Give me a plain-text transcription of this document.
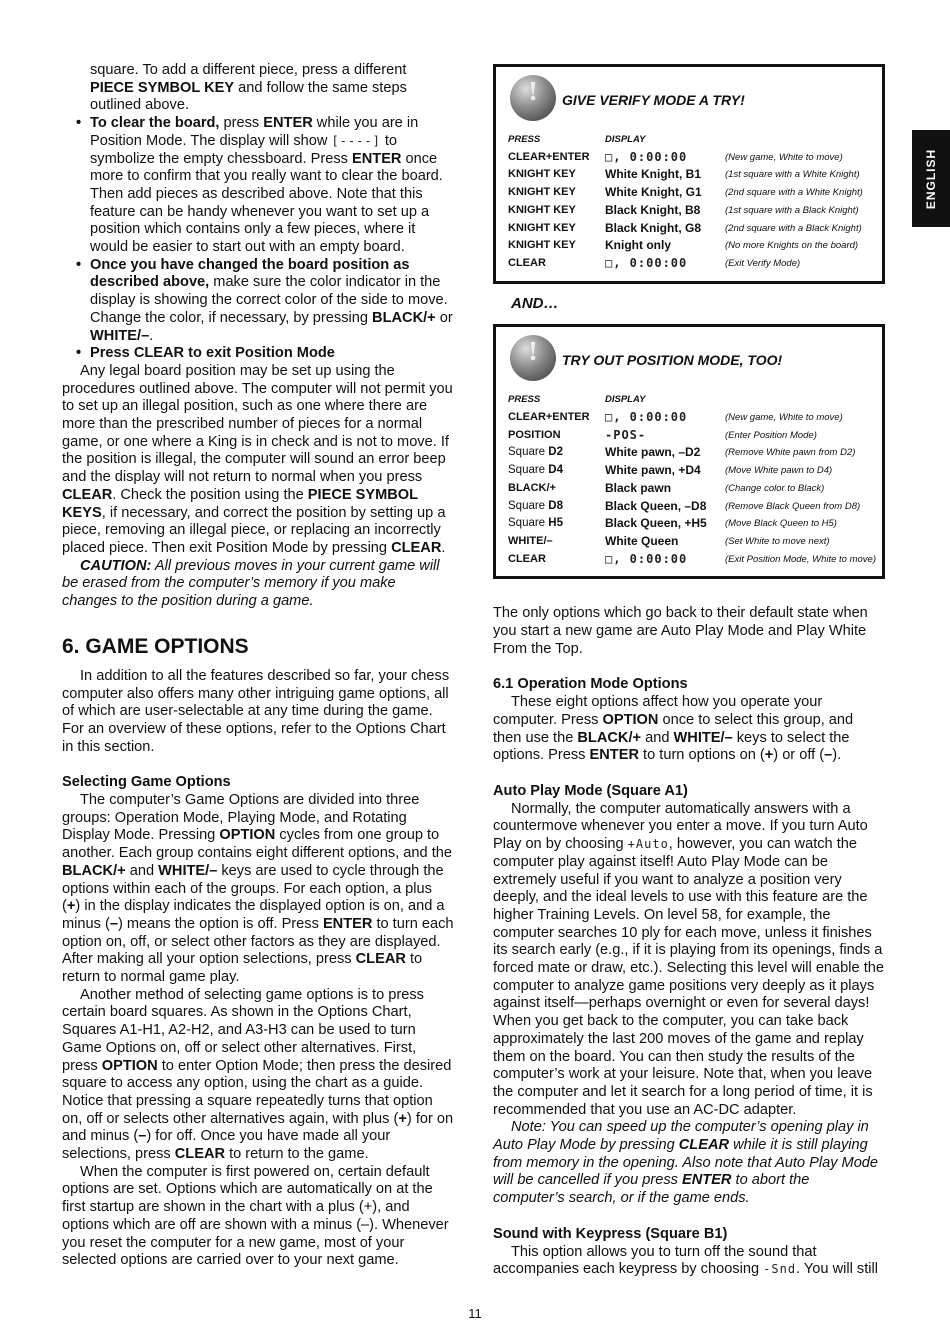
ENGLISH

square. To add a different piece, press a different PIECE SYMBOL KEY and follow the same steps outlined above.

• To clear the board, press ENTER while you are in Position Mode. The display will show [‑‑‑‑] to symbolize the empty chessboard. Press ENTER once more to confirm that you really want to clear the board. Then add pieces as described above. Note that this feature can be handy whenever you want to set up a position which contains only a few pieces, where it would be easier to start out with an empty board.
• Once you have changed the board position as described above, make sure the color indicator in the display is showing the correct color of the side to move. Change the color, if necessary, by pressing BLACK/+ or WHITE/–.
• Press CLEAR to exit Position Mode

Any legal board position may be set up using the procedures outlined above. The computer will not permit you to set up an illegal position, such as one where there are more than the prescribed number of pieces for a normal game, or one where a King is in check and is not to move. If the position is illegal, the computer will sound an error beep and the display will not return to normal when you press CLEAR. Check the position using the PIECE SYMBOL KEYS, if necessary, and correct the position by setting up a piece, removing an illegal piece, or replacing an incorrectly placed piece. Then exit Position Mode by pressing CLEAR.

CAUTION: All previous moves in your current game will be erased from the computer’s memory if you make changes to the position during a game.

6. GAME OPTIONS

In addition to all the features described so far, your chess computer also offers many other intriguing game options, all of which are user-selectable at any time during the game. For an overview of these options, refer to the Options Chart in this section.

Selecting Game Options

The computer’s Game Options are divided into three groups: Operation Mode, Playing Mode, and Rotating Display Mode. Pressing OPTION cycles from one group to another. Each group contains eight different options, and the BLACK/+ and WHITE/– keys are used to cycle through the options within each of the groups. For each option, a plus (+) in the display indicates the displayed option is on, and a minus (–) means the option is off. Press ENTER to turn each option on, off, or select other factors as they are displayed. After making all your option selections, press CLEAR to return to normal game play.

Another method of selecting game options is to press certain board squares. As shown in the Options Chart, Squares A1-H1, A2-H2, and A3-H3 can be used to turn Game Options on, off or select other alternatives. First, press OPTION to enter Option Mode; then press the desired square to access any option, using the chart as a guide. Notice that pressing a square repeatedly turns that option on, off or selects other alternatives again, with plus (+) for on and minus (–) for off. Once you have made all your selections, press CLEAR to return to the game.

When the computer is first powered on, certain default options are set. Options which are automatically on at the first startup are shown in the chart with a plus (+), and options which are off are shown with a minus (–). Whenever you reset the computer for a new game, most of your selected options are carried over to your next game.

!	GIVE VERIFY MODE A TRY!
PRESS	DISPLAY	
CLEAR+ENTER	□, 0:00:00	(New game, White to move)
KNIGHT KEY	White Knight, B1	(1st square with a White Knight)
KNIGHT KEY	White Knight, G1	(2nd square with a White Knight)
KNIGHT KEY	Black Knight, B8	(1st square with a Black Knight)
KNIGHT KEY	Black Knight, G8	(2nd square with a Black Knight)
KNIGHT KEY	Knight only	(No more Knights on the board)
CLEAR	□, 0:00:00	(Exit Verify Mode)
AND…
!	TRY OUT POSITION MODE, TOO!
PRESS	DISPLAY	
CLEAR+ENTER	□, 0:00:00	(New game, White to move)
POSITION	-POS-	(Enter Position Mode)
Square D2	White pawn, –D2	(Remove White pawn from D2)
Square D4	White pawn, +D4	(Move White pawn to D4)
BLACK/+	Black pawn	(Change color to Black)
Square D8	Black Queen, –D8	(Remove Black Queen from D8)
Square H5	Black Queen, +H5	(Move Black Queen to H5)
WHITE/–	White Queen	(Set White to move next)
CLEAR	□, 0:00:00	(Exit Position Mode, White to move)

The only options which go back to their default state when you start a new game are Auto Play Mode and Play White From the Top.

6.1 Operation Mode Options

These eight options affect how you operate your computer. Press OPTION once to select this group, and then use the BLACK/+ and WHITE/– keys to select the options. Press ENTER to turn options on (+) or off (–).

Auto Play Mode (Square A1)

Normally, the computer automatically answers with a countermove whenever you enter a move. If you turn Auto Play on by choosing +Auto, however, you can watch the computer play against itself! Auto Play Mode can be extremely useful if you want to analyze a position very deeply, and the ideal levels to use with this feature are the higher Training Levels. On level 58, for example, the computer searches 10 ply for each move, unless it finishes its search early (e.g., if it is playing from its openings, finds a forced mate or draw, etc.). Selecting this level will enable the computer to analyze game positions very deeply as it plays against itself—perhaps overnight or even for several days! When you get back to the computer, you can take back approximately the last 200 moves of the game and replay them on the board. You can then study the results of the computer’s work at your leisure. Note that, when you leave the computer and let it search for a long period of time, it is recommended that you use an AC-DC adapter.

Note: You can speed up the computer’s opening play in Auto Play Mode by pressing CLEAR while it is still playing from memory in the opening. Also note that Auto Play Mode will be cancelled if you press ENTER to abort the computer’s search, or if the game ends.

Sound with Keypress (Square B1)

This option allows you to turn off the sound that accompanies each keypress by choosing -Snd. You will still

11
